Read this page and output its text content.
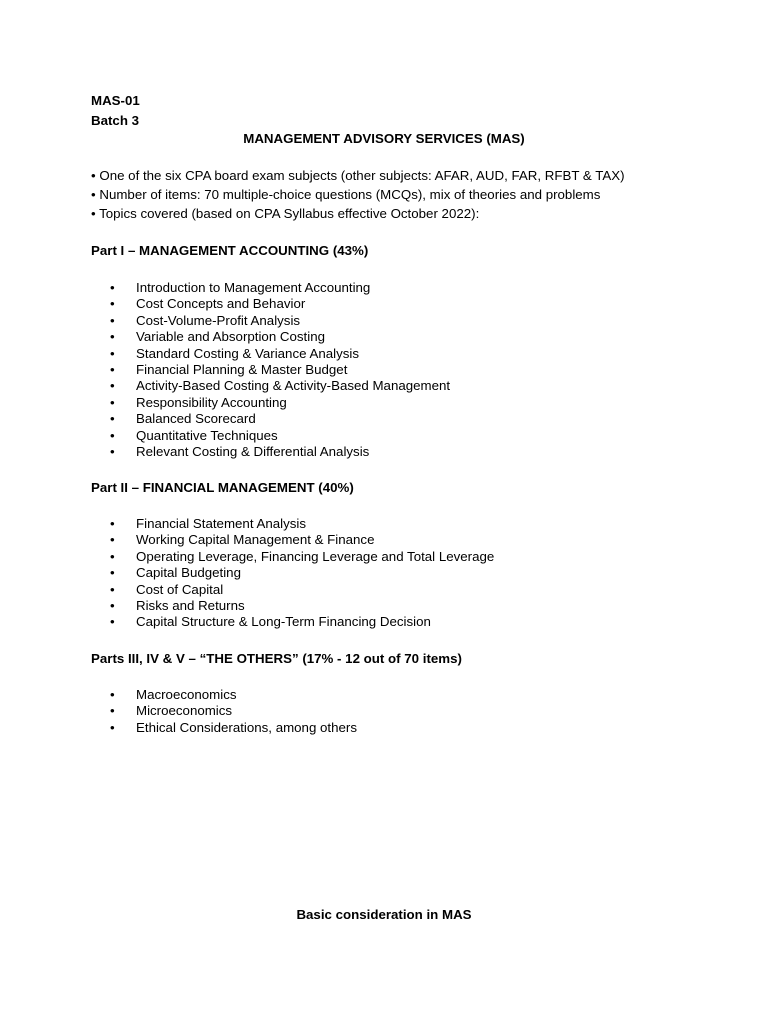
MAS-01
Batch 3
MANAGEMENT ADVISORY SERVICES (MAS)
• One of the six CPA board exam subjects (other subjects: AFAR, AUD, FAR, RFBT & TAX)
• Number of items: 70 multiple-choice questions (MCQs), mix of theories and problems
• Topics covered (based on CPA Syllabus effective October 2022):
Part I – MANAGEMENT ACCOUNTING (43%)
• Introduction to Management Accounting
• Cost Concepts and Behavior
• Cost-Volume-Profit Analysis
• Variable and Absorption Costing
• Standard Costing & Variance Analysis
• Financial Planning & Master Budget
• Activity-Based Costing & Activity-Based Management
• Responsibility Accounting
• Balanced Scorecard
• Quantitative Techniques
• Relevant Costing & Differential Analysis
Part II – FINANCIAL MANAGEMENT (40%)
• Financial Statement Analysis
• Working Capital Management & Finance
• Operating Leverage, Financing Leverage and Total Leverage
• Capital Budgeting
• Cost of Capital
• Risks and Returns
• Capital Structure & Long-Term Financing Decision
Parts III, IV & V – “THE OTHERS” (17% - 12 out of 70 items)
• Macroeconomics
• Microeconomics
• Ethical Considerations, among others
Basic consideration in MAS
